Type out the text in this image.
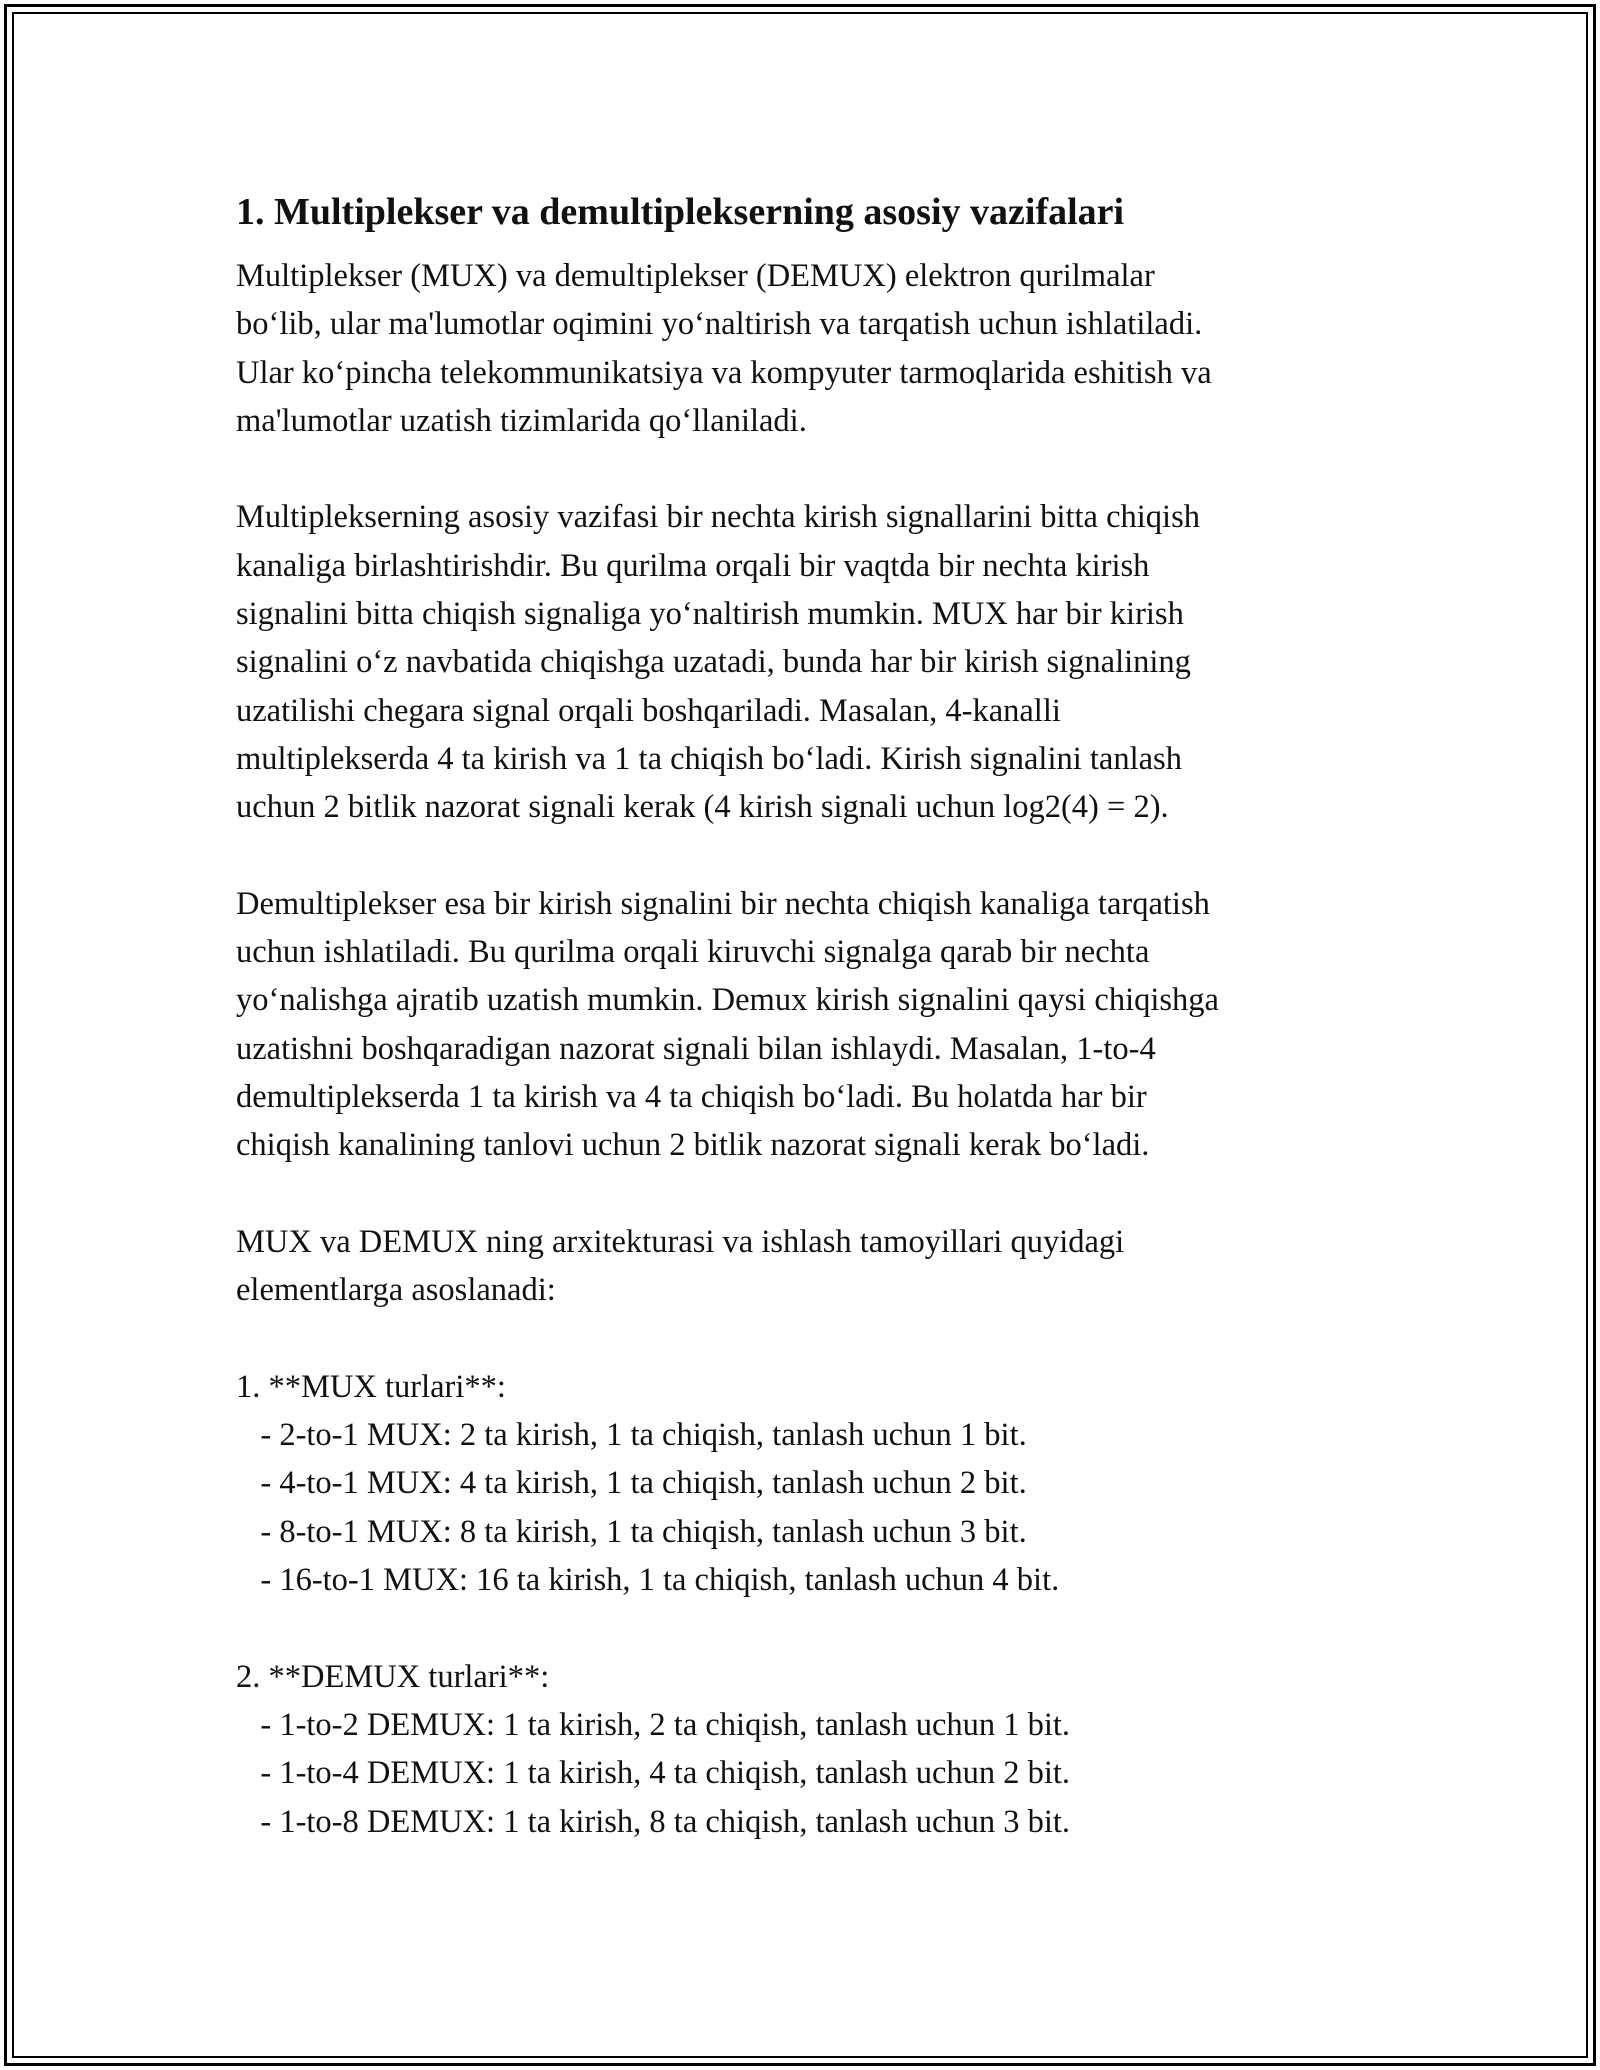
1. Multiplekser va demultiplekserning asosiy vazifalari
Multiplekser (MUX) va demultiplekser (DEMUX) elektron qurilmalar
bo‘lib, ular ma'lumotlar oqimini yo‘naltirish va tarqatish uchun ishlatiladi.
Ular ko‘pincha telekommunikatsiya va kompyuter tarmoqlarida eshitish va
ma'lumotlar uzatish tizimlarida qo‘llaniladi.
Multiplekserning asosiy vazifasi bir nechta kirish signallarini bitta chiqish
kanaliga birlashtirishdir. Bu qurilma orqali bir vaqtda bir nechta kirish
signalini bitta chiqish signaliga yo‘naltirish mumkin. MUX har bir kirish
signalini o‘z navbatida chiqishga uzatadi, bunda har bir kirish signalining
uzatilishi chegara signal orqali boshqariladi. Masalan, 4-kanalli
multiplekserda 4 ta kirish va 1 ta chiqish bo‘ladi. Kirish signalini tanlash
uchun 2 bitlik nazorat signali kerak (4 kirish signali uchun log2(4) = 2).
Demultiplekser esa bir kirish signalini bir nechta chiqish kanaliga tarqatish
uchun ishlatiladi. Bu qurilma orqali kiruvchi signalga qarab bir nechta
yo‘nalishga ajratib uzatish mumkin. Demux kirish signalini qaysi chiqishga
uzatishni boshqaradigan nazorat signali bilan ishlaydi. Masalan, 1-to-4
demultiplekserda 1 ta kirish va 4 ta chiqish bo‘ladi. Bu holatda har bir
chiqish kanalining tanlovi uchun 2 bitlik nazorat signali kerak bo‘ladi.
MUX va DEMUX ning arxitekturasi va ishlash tamoyillari quyidagi
elementlarga asoslanadi:
1. **MUX turlari**:
- 2-to-1 MUX: 2 ta kirish, 1 ta chiqish, tanlash uchun 1 bit.
- 4-to-1 MUX: 4 ta kirish, 1 ta chiqish, tanlash uchun 2 bit.
- 8-to-1 MUX: 8 ta kirish, 1 ta chiqish, tanlash uchun 3 bit.
- 16-to-1 MUX: 16 ta kirish, 1 ta chiqish, tanlash uchun 4 bit.
2. **DEMUX turlari**:
- 1-to-2 DEMUX: 1 ta kirish, 2 ta chiqish, tanlash uchun 1 bit.
- 1-to-4 DEMUX: 1 ta kirish, 4 ta chiqish, tanlash uchun 2 bit.
- 1-to-8 DEMUX: 1 ta kirish, 8 ta chiqish, tanlash uchun 3 bit.
